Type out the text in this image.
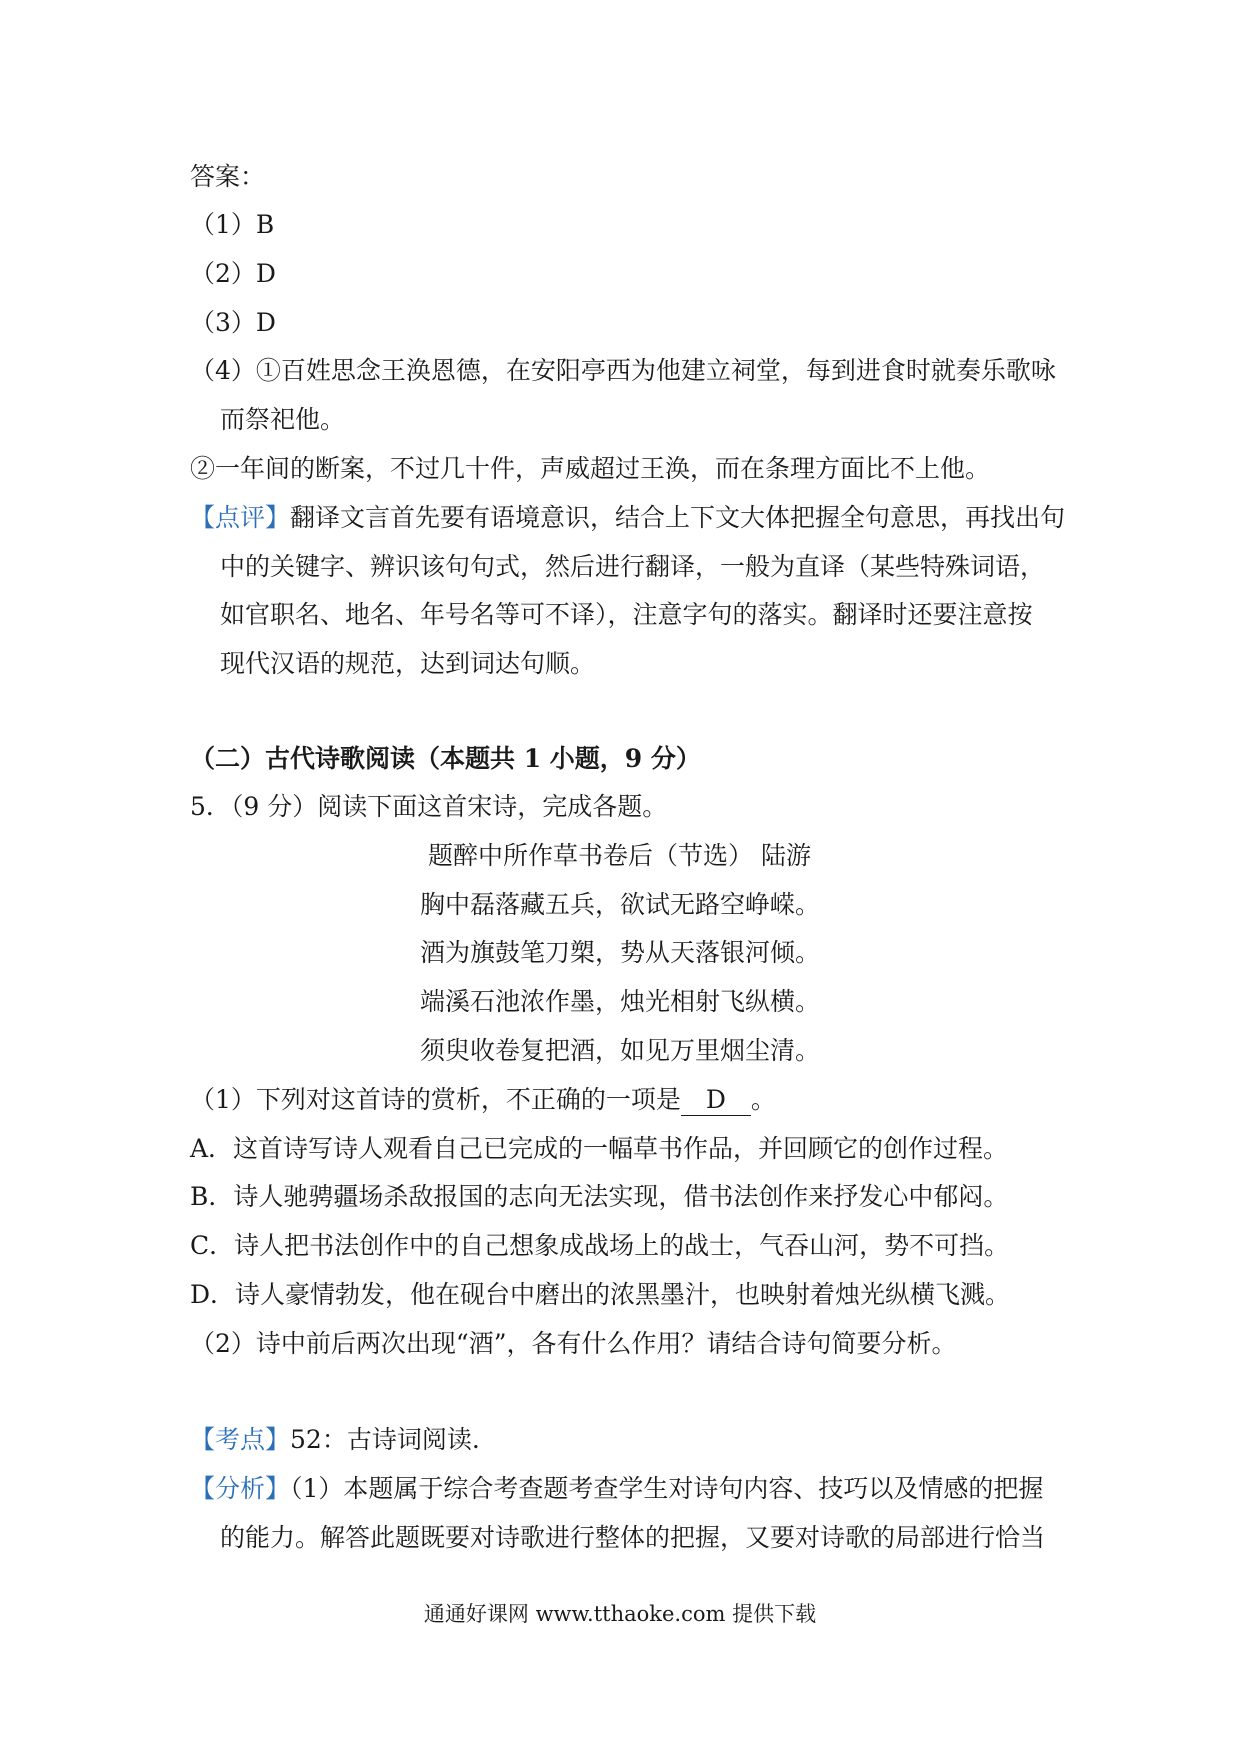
答案：
（1）B
（2）D
（3）D
（4）①百姓思念王涣恩德，在安阳亭西为他建立祠堂，每到进食时就奏乐歌咏
而祭祀他。
②一年间的断案，不过几十件，声威超过王涣，而在条理方面比不上他。
【点评】翻译文言首先要有语境意识，结合上下文大体把握全句意思，再找出句
中的关键字、辨识该句句式，然后进行翻译，一般为直译（某些特殊词语，
如官职名、地名、年号名等可不译），注意字句的落实。翻译时还要注意按
现代汉语的规范，达到词达句顺。
（二）古代诗歌阅读（本题共 1 小题，9 分）
5．（9 分）阅读下面这首宋诗，完成各题。
题醉中所作草书卷后（节选） 陆游
胸中磊落藏五兵，欲试无路空峥嵘。
酒为旗鼓笔刀槊，势从天落银河倾。
端溪石池浓作墨，烛光相射飞纵横。
须臾收卷复把酒，如见万里烟尘清。
（1）下列对这首诗的赏析，不正确的一项是 D 。
A．这首诗写诗人观看自己已完成的一幅草书作品，并回顾它的创作过程。
B．诗人驰骋疆场杀敌报国的志向无法实现，借书法创作来抒发心中郁闷。
C．诗人把书法创作中的自己想象成战场上的战士，气吞山河，势不可挡。
D．诗人豪情勃发，他在砚台中磨出的浓黑墨汁，也映射着烛光纵横飞溅。
（2）诗中前后两次出现“酒”，各有什么作用？请结合诗句简要分析。
【考点】52：古诗词阅读.
【分析】（1）本题属于综合考查题考查学生对诗句内容、技巧以及情感的把握
的能力。解答此题既要对诗歌进行整体的把握，又要对诗歌的局部进行恰当
通通好课网 www.tthaoke.com 提供下载
